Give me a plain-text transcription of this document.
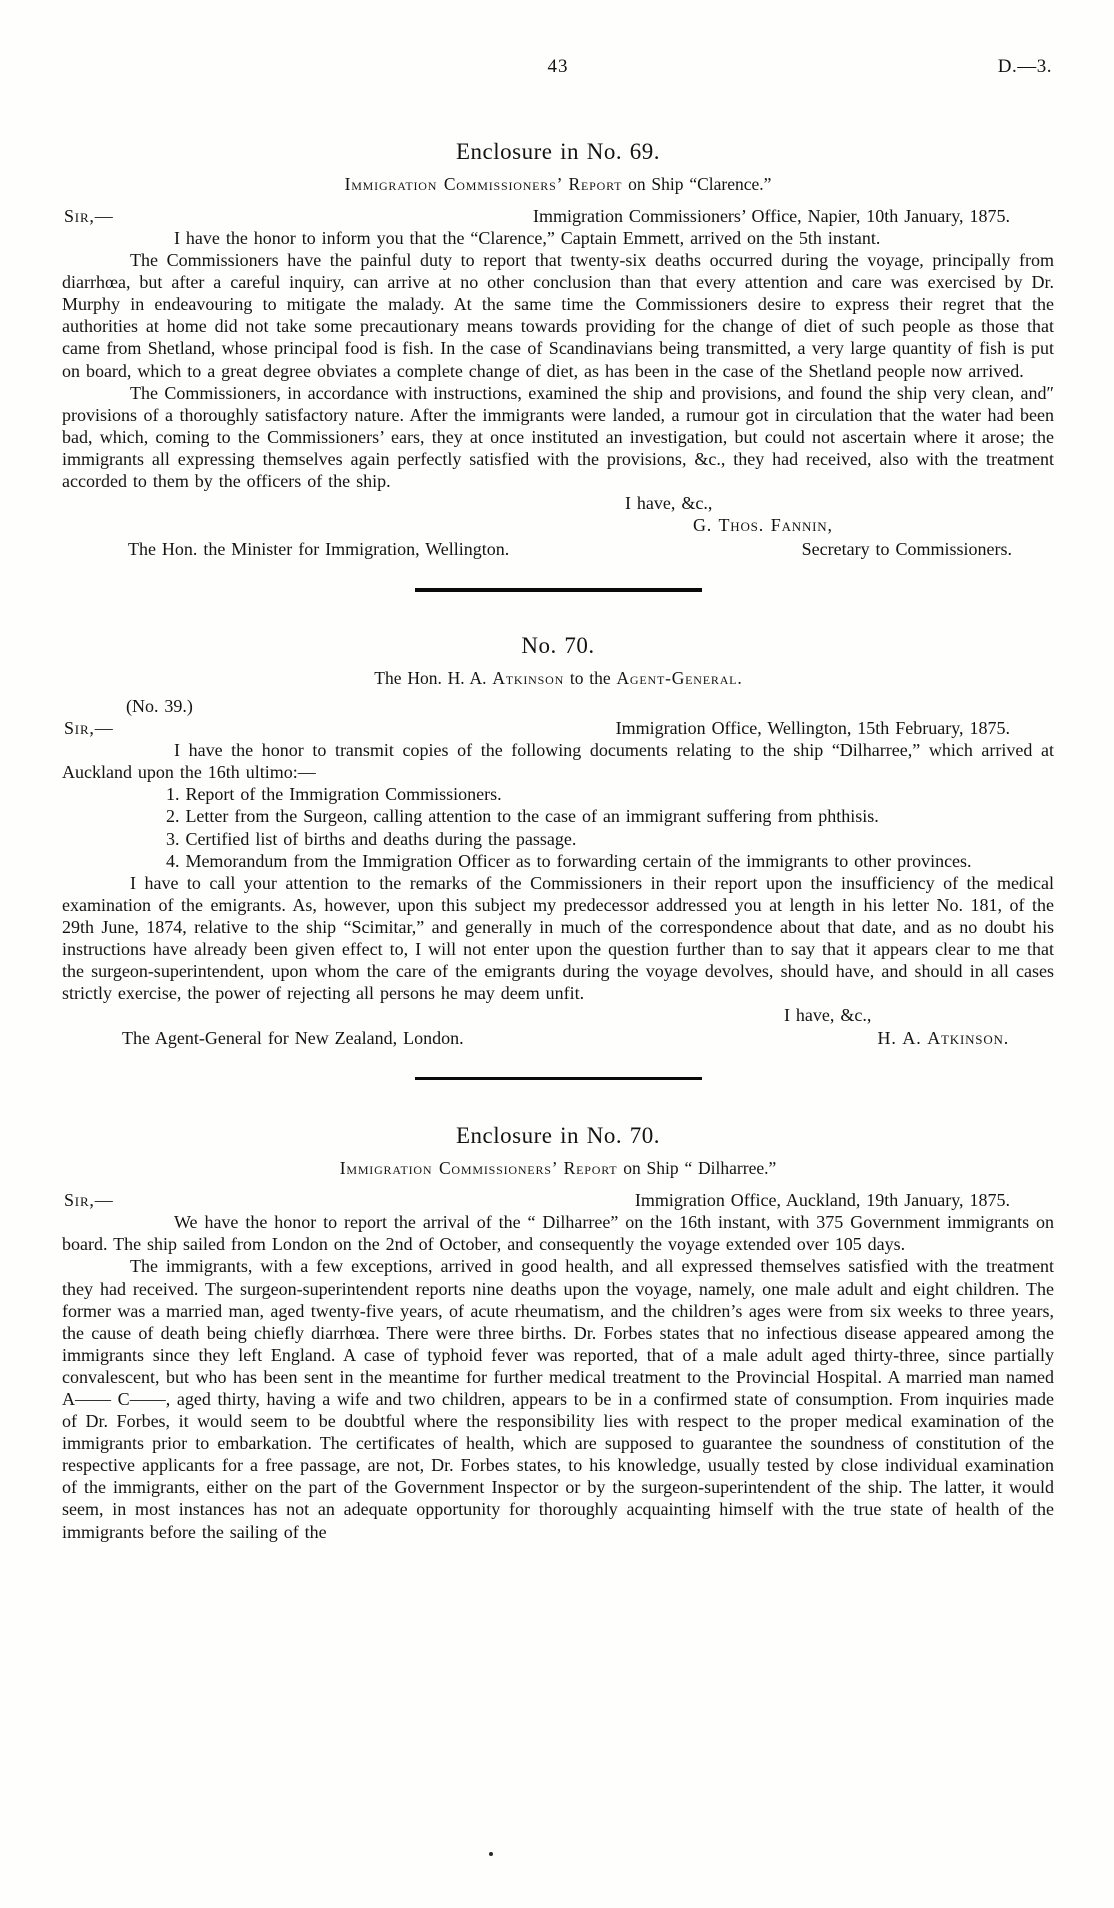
43	D.—3.
Enclosure in No. 69.

Immigration Commissioners’ Report on Ship “Clarence.”

Sir,—	Immigration Commissioners’ Office, Napier, 10th January, 1875.

I have the honor to inform you that the “Clarence,” Captain Emmett, arrived on the 5th instant.

The Commissioners have the painful duty to report that twenty-six deaths occurred during the voyage, principally from diarrhœa, but after a careful inquiry, can arrive at no other conclusion than that every attention and care was exercised by Dr. Murphy in endeavouring to mitigate the malady. At the same time the Commissioners desire to express their regret that the authorities at home did not take some precautionary means towards providing for the change of diet of such people as those that came from Shetland, whose principal food is fish. In the case of Scandinavians being transmitted, a very large quantity of fish is put on board, which to a great degree obviates a complete change of diet, as has been in the case of the Shetland people now arrived.

The Commissioners, in accordance with instructions, examined the ship and provisions, and found the ship very clean, and″ provisions of a thoroughly satisfactory nature. After the immigrants were landed, a rumour got in circulation that the water had been bad, which, coming to the Commissioners’ ears, they at once instituted an investigation, but could not ascertain where it arose; the immigrants all expressing themselves again perfectly satisfied with the provisions, &c., they had received, also with the treatment accorded to them by the officers of the ship.

I have, &c.,
G. Thos. Fannin,
The Hon. the Minister for Immigration, Wellington.	Secretary to Commissioners.
No. 70.

The Hon. H. A. Atkinson to the Agent-General.

(No. 39.)
Sir,—	Immigration Office, Wellington, 15th February, 1875.

I have the honor to transmit copies of the following documents relating to the ship “Dilharree,” which arrived at Auckland upon the 16th ultimo:—

1. Report of the Immigration Commissioners.
2. Letter from the Surgeon, calling attention to the case of an immigrant suffering from phthisis.
3. Certified list of births and deaths during the passage.
4. Memorandum from the Immigration Officer as to forwarding certain of the immigrants to other provinces.

I have to call your attention to the remarks of the Commissioners in their report upon the insufficiency of the medical examination of the emigrants. As, however, upon this subject my predecessor addressed you at length in his letter No. 181, of the 29th June, 1874, relative to the ship “Scimitar,” and generally in much of the correspondence about that date, and as no doubt his instructions have already been given effect to, I will not enter upon the question further than to say that it appears clear to me that the surgeon-superintendent, upon whom the care of the emigrants during the voyage devolves, should have, and should in all cases strictly exercise, the power of rejecting all persons he may deem unfit.

I have, &c.,
The Agent-General for New Zealand, London.	H. A. Atkinson.
Enclosure in No. 70.

Immigration Commissioners’ Report on Ship “ Dilharree.”

Sir,—	Immigration Office, Auckland, 19th January, 1875.

We have the honor to report the arrival of the “ Dilharree” on the 16th instant, with 375 Government immigrants on board. The ship sailed from London on the 2nd of October, and consequently the voyage extended over 105 days.

The immigrants, with a few exceptions, arrived in good health, and all expressed themselves satisfied with the treatment they had received. The surgeon-superintendent reports nine deaths upon the voyage, namely, one male adult and eight children. The former was a married man, aged twenty-five years, of acute rheumatism, and the children’s ages were from six weeks to three years, the cause of death being chiefly diarrhœa. There were three births. Dr. Forbes states that no infectious disease appeared among the immigrants since they left England. A case of typhoid fever was reported, that of a male adult aged thirty-three, since partially convalescent, but who has been sent in the meantime for further medical treatment to the Provincial Hospital. A married man named A—— C——, aged thirty, having a wife and two children, appears to be in a confirmed state of consumption. From inquiries made of Dr. Forbes, it would seem to be doubtful where the responsibility lies with respect to the proper medical examination of the immigrants prior to embarkation. The certificates of health, which are supposed to guarantee the soundness of constitution of the respective applicants for a free passage, are not, Dr. Forbes states, to his knowledge, usually tested by close individual examination of the immigrants, either on the part of the Government Inspector or by the surgeon-superintendent of the ship. The latter, it would seem, in most instances has not an adequate opportunity for thoroughly acquainting himself with the true state of health of the immigrants before the sailing of the
